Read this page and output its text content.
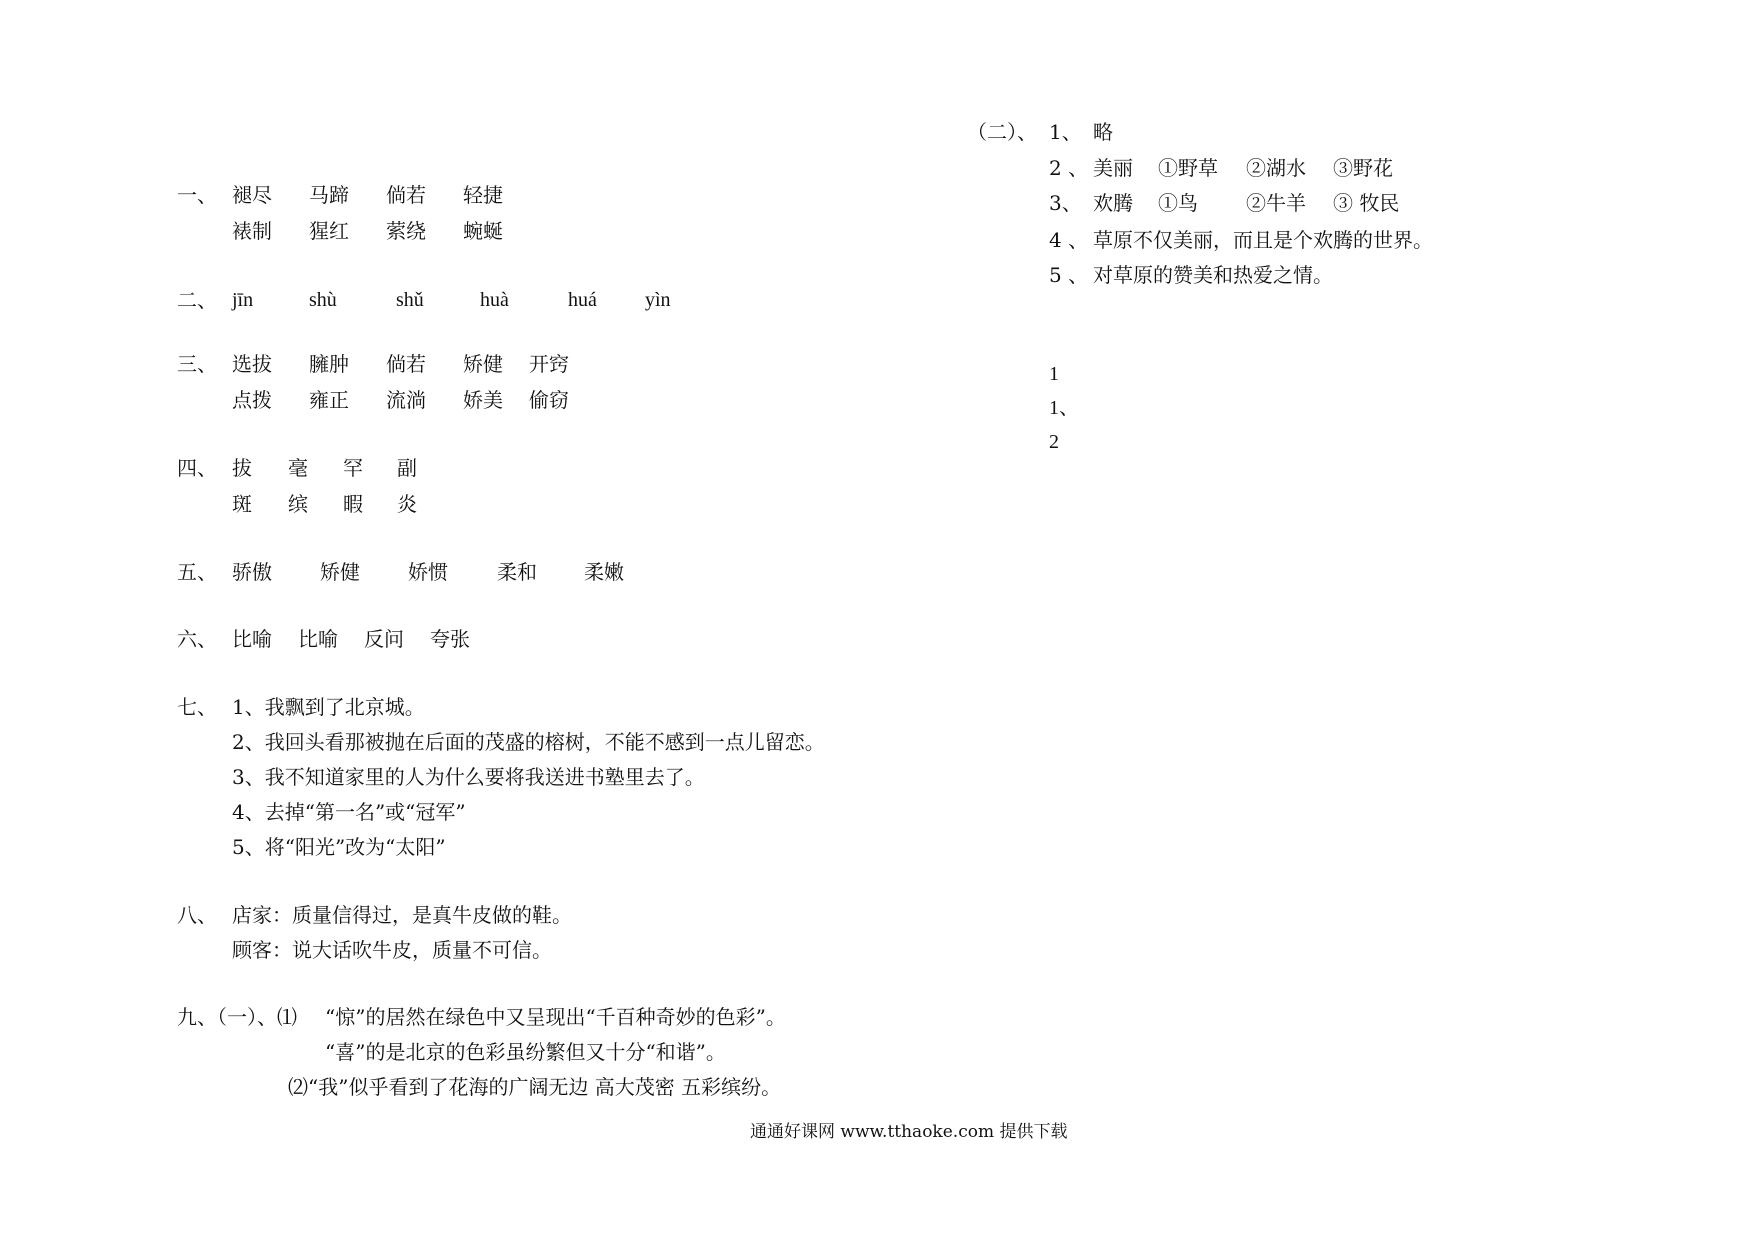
一、 褪尽 马蹄 倘若 轻捷
裱制 猩红 萦绕 蜿蜒
二、 jīn	shù	shǔ	huà	huá yìn
三、 选拔 臃肿 倘若 矫健 开窍
点拨 雍正 流淌 娇美 偷窃
四、 拔 毫 罕 副
斑 缤 暇 炎
五、 骄傲 矫健 娇惯 柔和 柔嫩
六、 比喻 比喻 反问 夸张
七、 1、我飘到了北京城。
2、我回头看那被抛在后面的茂盛的榕树，不能不感到一点儿留恋。
3、我不知道家里的人为什么要将我送进书塾里去了。
4、去掉“第一名”或“冠军”
5、将“阳光”改为“太阳”
八、 店家：质量信得过，是真牛皮做的鞋。
顾客：说大话吹牛皮，质量不可信。
九、（一）、⑴ “惊”的居然在绿色中又呈现出“千百种奇妙的色彩”。
“喜”的是北京的色彩虽纷繁但又十分“和谐”。
⑵“我”似乎看到了花海的广阔无边 高大茂密 五彩缤纷。
（二）、 1、 略
2 、 美丽 ①野草 ②湖水 ③野花
3、 欢腾 ①鸟 ②牛羊 ③ 牧民
4 、 草原不仅美丽，而且是个欢腾的世界。
5 、 对草原的赞美和热爱之情。
1
1、
2
通通好课网 www.tthaoke.com 提供下载
